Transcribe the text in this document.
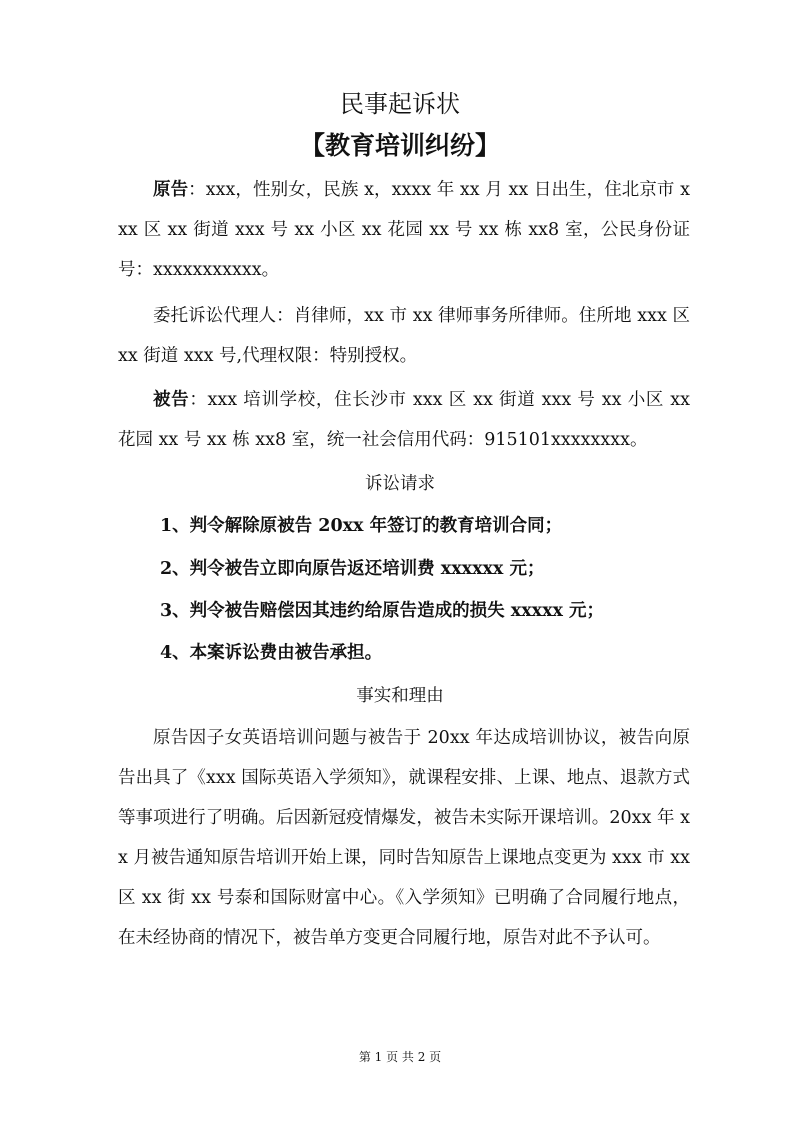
民事起诉状
【教育培训纠纷】
原告：xxx，性别女，民族 x，xxxx 年 xx 月 xx 日出生，住北京市 xxx 区 xx 街道 xxx 号 xx 小区 xx 花园 xx 号 xx 栋 xx8 室，公民身份证号：xxxxxxxxxxx。
委托诉讼代理人：肖律师，xx 市 xx 律师事务所律师。住所地 xxx 区 xx 街道 xxx 号,代理权限：特别授权。
被告：xxx 培训学校，住长沙市 xxx 区 xx 街道 xxx 号 xx 小区 xx 花园 xx 号 xx 栋 xx8 室，统一社会信用代码：915101xxxxxxxx。
诉讼请求
1、判令解除原被告 20xx 年签订的教育培训合同；
2、判令被告立即向原告返还培训费 xxxxxx 元；
3、判令被告赔偿因其违约给原告造成的损失 xxxxx 元；
4、本案诉讼费由被告承担。
事实和理由
原告因子女英语培训问题与被告于 20xx 年达成培训协议，被告向原告出具了《xxx 国际英语入学须知》，就课程安排、上课、地点、退款方式等事项进行了明确。后因新冠疫情爆发，被告未实际开课培训。20xx 年 xx 月被告通知原告培训开始上课，同时告知原告上课地点变更为 xxx 市 xx 区 xx 街 xx 号泰和国际财富中心。《入学须知》已明确了合同履行地点，在未经协商的情况下，被告单方变更合同履行地，原告对此不予认可。
第 1 页 共 2 页
